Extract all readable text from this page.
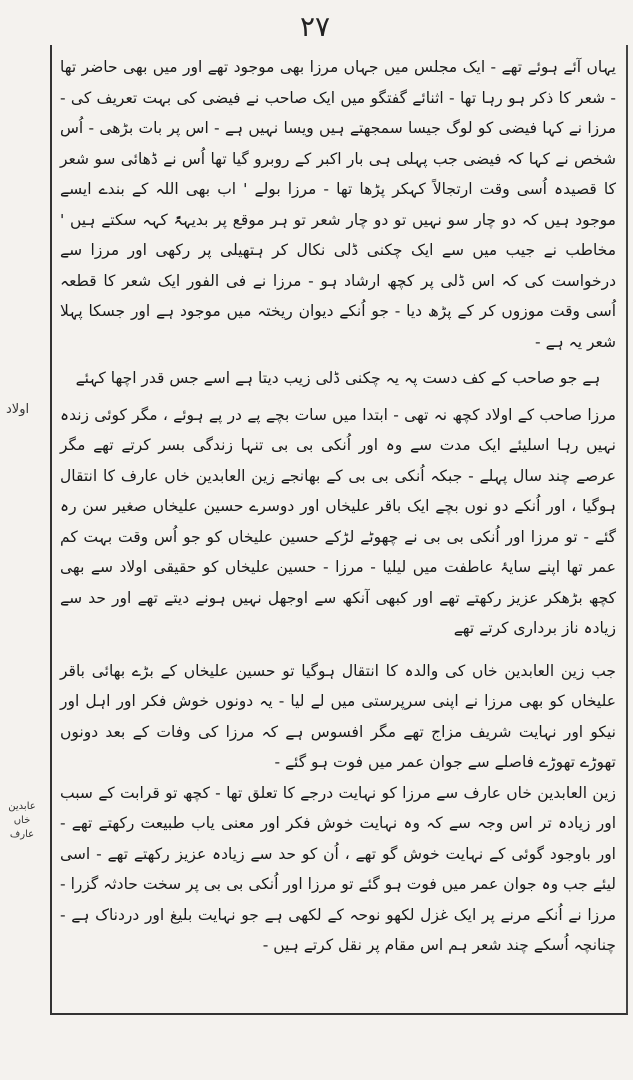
۲۷
اولاد
عابدین خاں عارف

یہاں آئے ہوئے تھے - ایک مجلس میں جہاں مرزا بھی موجود تھے اور میں بھی حاضر تھا - شعر کا ذکر ہو رہا تھا - اثنائے گفتگو میں ایک صاحب نے فیضی کی بہت تعریف کی - مرزا نے کہا فیضی کو لوگ جیسا سمجھتے ہیں ویسا نہیں ہے - اس پر بات بڑھی - اُس شخص نے کہا کہ فیضی جب پہلی ہی بار اکبر کے روبرو گیا تھا اُس نے ڈھائی سو شعر کا قصیدہ اُسی وقت ارتجالاً کہکر پڑھا تھا - مرزا بولے ' اب بھی اللہ کے بندے ایسے موجود ہیں کہ دو چار سو نہیں تو دو چار شعر تو ہر موقع پر بدیہۃً کہہ سکتے ہیں ' مخاطب نے جیب میں سے ایک چکنی ڈلی نکال کر ہتھیلی پر رکھی اور مرزا سے درخواست کی کہ اس ڈلی پر کچھ ارشاد ہو - مرزا نے فی الفور ایک شعر کا قطعہ اُسی وقت موزوں کر کے پڑھ دیا - جو اُنکے دیوان ریختہ میں موجود ہے اور جسکا پہلا شعر یہ ہے -

ہے جو صاحب کے کف دست پہ یہ چکنی ڈلی زیب دیتا ہے اسے جس قدر اچھا کہئے

مرزا صاحب کے اولاد کچھ نہ تھی - ابتدا میں سات بچے پے در پے ہوئے ، مگر کوئی زندہ نہیں رہا اسلیئے ایک مدت سے وہ اور اُنکی بی بی تنہا زندگی بسر کرتے تھے مگر عرصے چند سال پہلے - جبکہ اُنکی بی بی کے بھانجے زین العابدین خاں عارف کا انتقال ہوگیا ، اور اُنکے دو نوں بچے ایک باقر علیخاں اور دوسرے حسین علیخاں صغیر سن رہ گئے - تو مرزا اور اُنکی بی بی نے چھوٹے لڑکے حسین علیخاں کو جو اُس وقت بہت کم عمر تھا اپنے سایۂ عاطفت میں لیلیا - مرزا - حسین علیخاں کو حقیقی اولاد سے بھی کچھ بڑھکر عزیز رکھتے تھے اور کبھی آنکھ سے اوجھل نہیں ہونے دیتے تھے اور حد سے زیادہ ناز برداری کرتے تھے

جب زین العابدین خاں کی والدہ کا انتقال ہوگیا تو حسین علیخاں کے بڑے بھائی باقر علیخاں کو بھی مرزا نے اپنی سرپرستی میں لے لیا - یہ دونوں خوش فکر اور اہل اور نیکو اور نہایت شریف مزاج تھے مگر افسوس ہے کہ مرزا کی وفات کے بعد دونوں تھوڑے تھوڑے فاصلے سے جوان عمر میں فوت ہو گئے -

زین العابدین خاں عارف سے مرزا کو نہایت درجے کا تعلق تھا - کچھ تو قرابت کے سبب اور زیادہ تر اس وجہ سے کہ وہ نہایت خوش فکر اور معنی یاب طبیعت رکھتے تھے - اور باوجود گوئی کے نہایت خوش گو تھے ، اُن کو حد سے زیادہ عزیز رکھتے تھے - اسی لیئے جب وہ جوان عمر میں فوت ہو گئے تو مرزا اور اُنکی بی بی پر سخت حادثہ گزرا - مرزا نے اُنکے مرنے پر ایک غزل لکھو نوحہ کے لکھی ہے جو نہایت بلیغ اور دردناک ہے - چنانچہ اُسکے چند شعر ہم اس مقام پر نقل کرتے ہیں -
